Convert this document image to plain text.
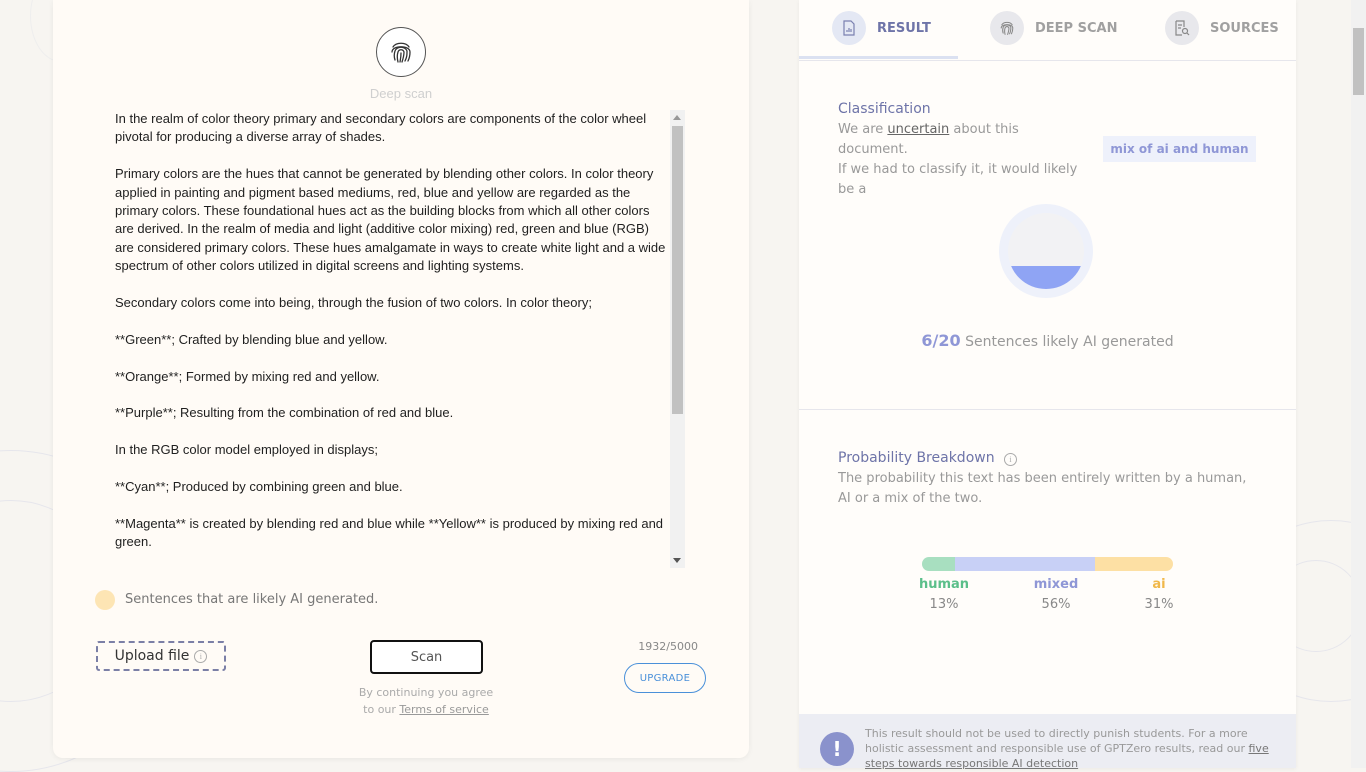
Deep scan

In the realm of color theory primary and secondary colors are components of the color wheel pivotal for producing a diverse array of shades.

Primary colors are the hues that cannot be generated by blending other colors. In color theory applied in painting and pigment based mediums, red, blue and yellow are regarded as the primary colors. These foundational hues act as the building blocks from which all other colors are derived. In the realm of media and light (additive color mixing) red, green and blue (RGB) are considered primary colors. These hues amalgamate in ways to create white light and a wide spectrum of other colors utilized in digital screens and lighting systems.

Secondary colors come into being, through the fusion of two colors. In color theory;

**Green**; Crafted by blending blue and yellow.

**Orange**; Formed by mixing red and yellow.

**Purple**; Resulting from the combination of red and blue.

In the RGB color model employed in displays;

**Cyan**; Produced by combining green and blue.

**Magenta** is created by blending red and blue while **Yellow** is produced by mixing red and green.

Sentences that are likely AI generated.
Upload file	i	Scan
By continuing you agree
to our Terms of service
1932/5000
UPGRADE
RESULT	DEEP SCAN	SOURCES
Classification
We are uncertain about this document.
If we had to classify it, it would likely be a
mix of ai and human
6/20 Sentences likely AI generated
Probability Breakdown i
The probability this text has been entirely written by a human, AI or a mix of the two.
human
13%
mixed
56%
ai
31%
!
This result should not be used to directly punish students. For a more holistic assessment and responsible use of GPTZero results, read our five steps towards responsible AI detection
